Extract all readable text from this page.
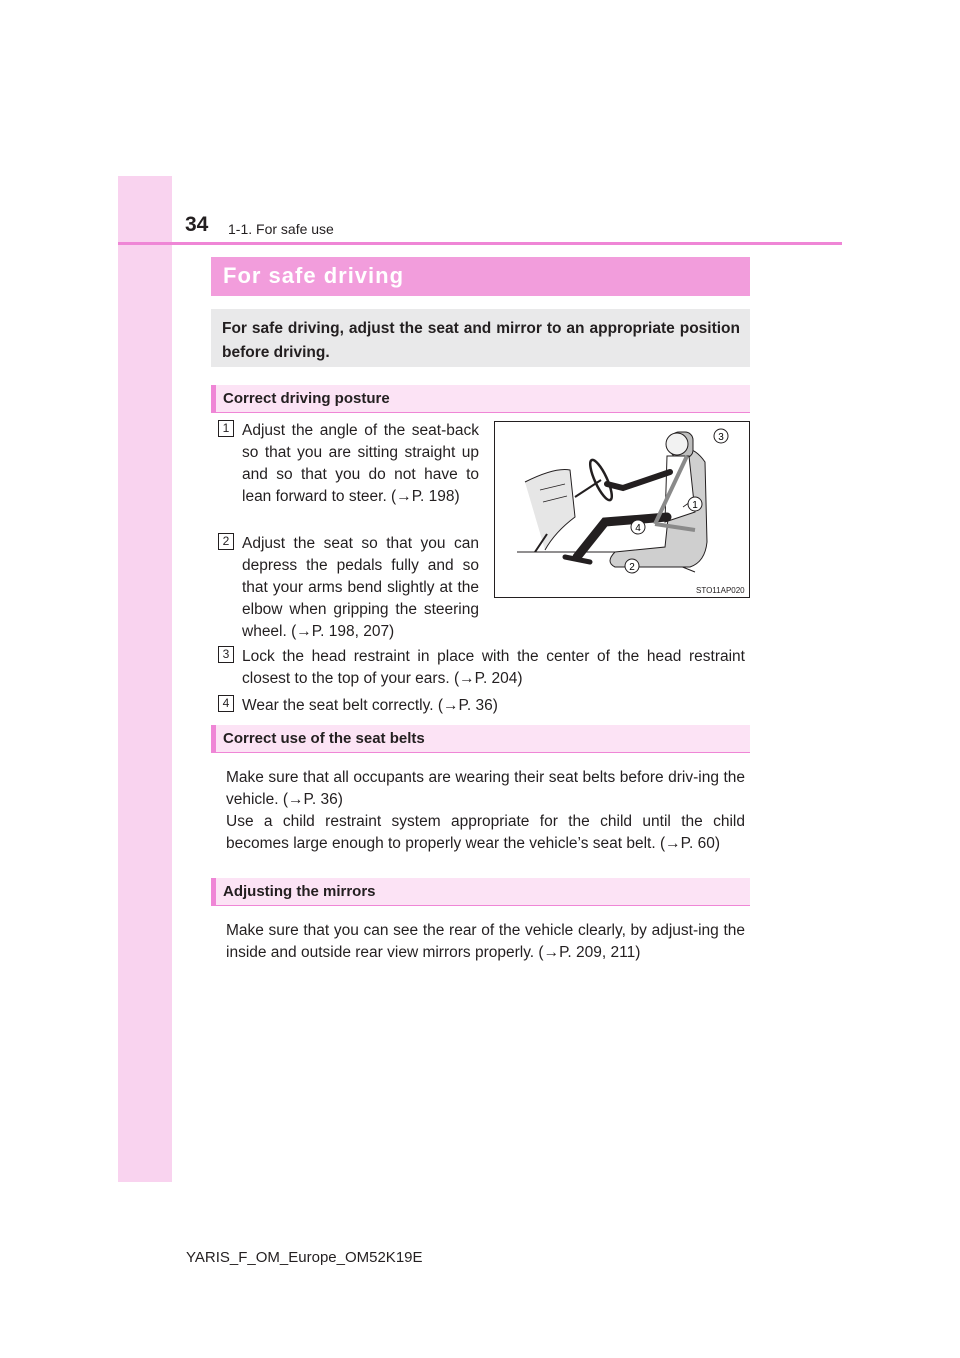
34 1-1. For safe use
For safe driving
For safe driving, adjust the seat and mirror to an appropriate position before driving.
Correct driving posture
1 Adjust the angle of the seat-back so that you are sitting straight up and so that you do not have to lean forward to steer. (→P. 198)
2 Adjust the seat so that you can depress the pedals fully and so that your arms bend slightly at the elbow when gripping the steering wheel. (→P. 198, 207)
1
2
3
4
STO11AP020
3 Lock the head restraint in place with the center of the head restraint closest to the top of your ears. (→P. 204)
4 Wear the seat belt correctly. (→P. 36)
Correct use of the seat belts
Make sure that all occupants are wearing their seat belts before driv-ing the vehicle. (→P. 36)
Use a child restraint system appropriate for the child until the child becomes large enough to properly wear the vehicle’s seat belt. (→P. 60)
Adjusting the mirrors
Make sure that you can see the rear of the vehicle clearly, by adjust-ing the inside and outside rear view mirrors properly. (→P. 209, 211)
YARIS_F_OM_Europe_OM52K19E
